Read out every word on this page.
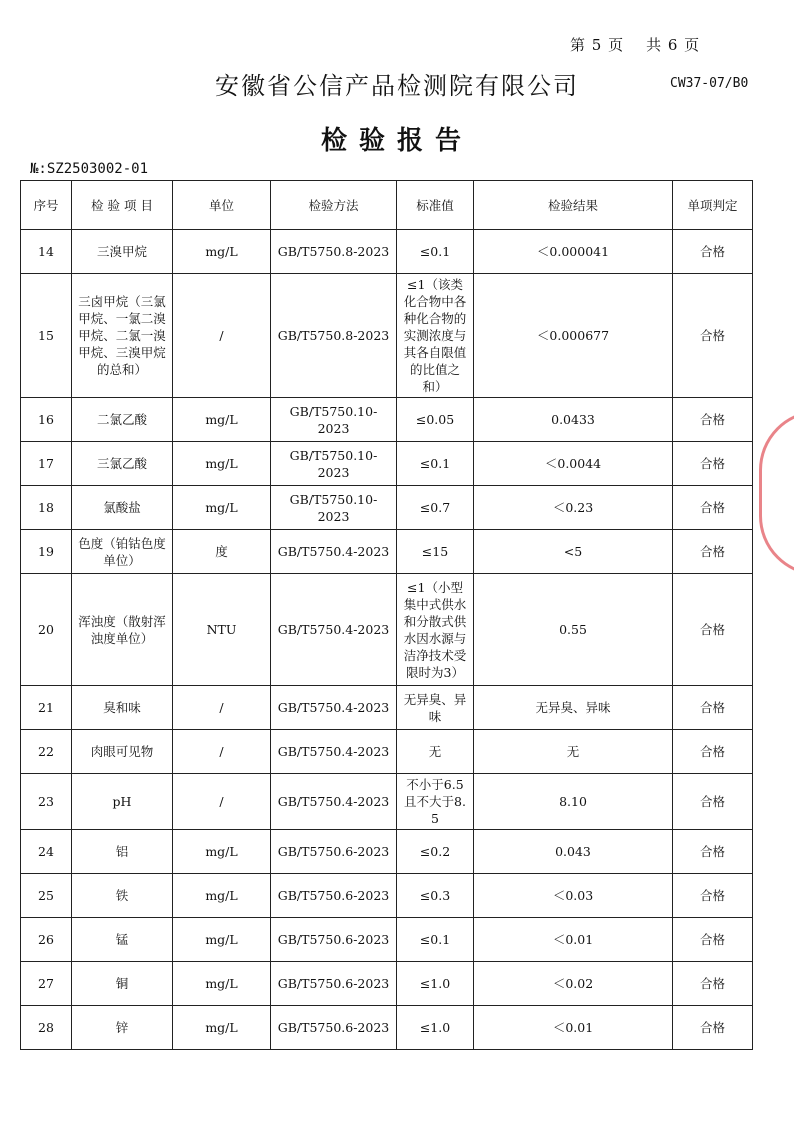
第 5 页 共 6 页
安徽省公信产品检测院有限公司	CW37-07/B0
检验报告
№:SZ2503002-01
序号	检 验 项 目	单位	检验方法	标准值	检验结果	单项判定
14	三溴甲烷	mg/L	GB/T5750.8-2023	≤0.1	＜0.000041	合格
15	三卤甲烷（三氯甲烷、一氯二溴甲烷、二氯一溴甲烷、三溴甲烷的总和）	/	GB/T5750.8-2023	≤1（该类化合物中各种化合物的实测浓度与其各自限值的比值之和）	＜0.000677	合格
16	二氯乙酸	mg/L	GB/T5750.10-2023	≤0.05	0.0433	合格
17	三氯乙酸	mg/L	GB/T5750.10-2023	≤0.1	＜0.0044	合格
18	氯酸盐	mg/L	GB/T5750.10-2023	≤0.7	＜0.23	合格
19	色度（铂钴色度单位）	度	GB/T5750.4-2023	≤15	<5	合格
20	浑浊度（散射浑浊度单位）	NTU	GB/T5750.4-2023	≤1（小型集中式供水和分散式供水因水源与洁净技术受限时为3）	0.55	合格
21	臭和味	/	GB/T5750.4-2023	无异臭、异味	无异臭、异味	合格
22	肉眼可见物	/	GB/T5750.4-2023	无	无	合格
23	pH	/	GB/T5750.4-2023	不小于6.5且不大于8.5	8.10	合格
24	铝	mg/L	GB/T5750.6-2023	≤0.2	0.043	合格
25	铁	mg/L	GB/T5750.6-2023	≤0.3	＜0.03	合格
26	锰	mg/L	GB/T5750.6-2023	≤0.1	＜0.01	合格
27	铜	mg/L	GB/T5750.6-2023	≤1.0	＜0.02	合格
28	锌	mg/L	GB/T5750.6-2023	≤1.0	＜0.01	合格
